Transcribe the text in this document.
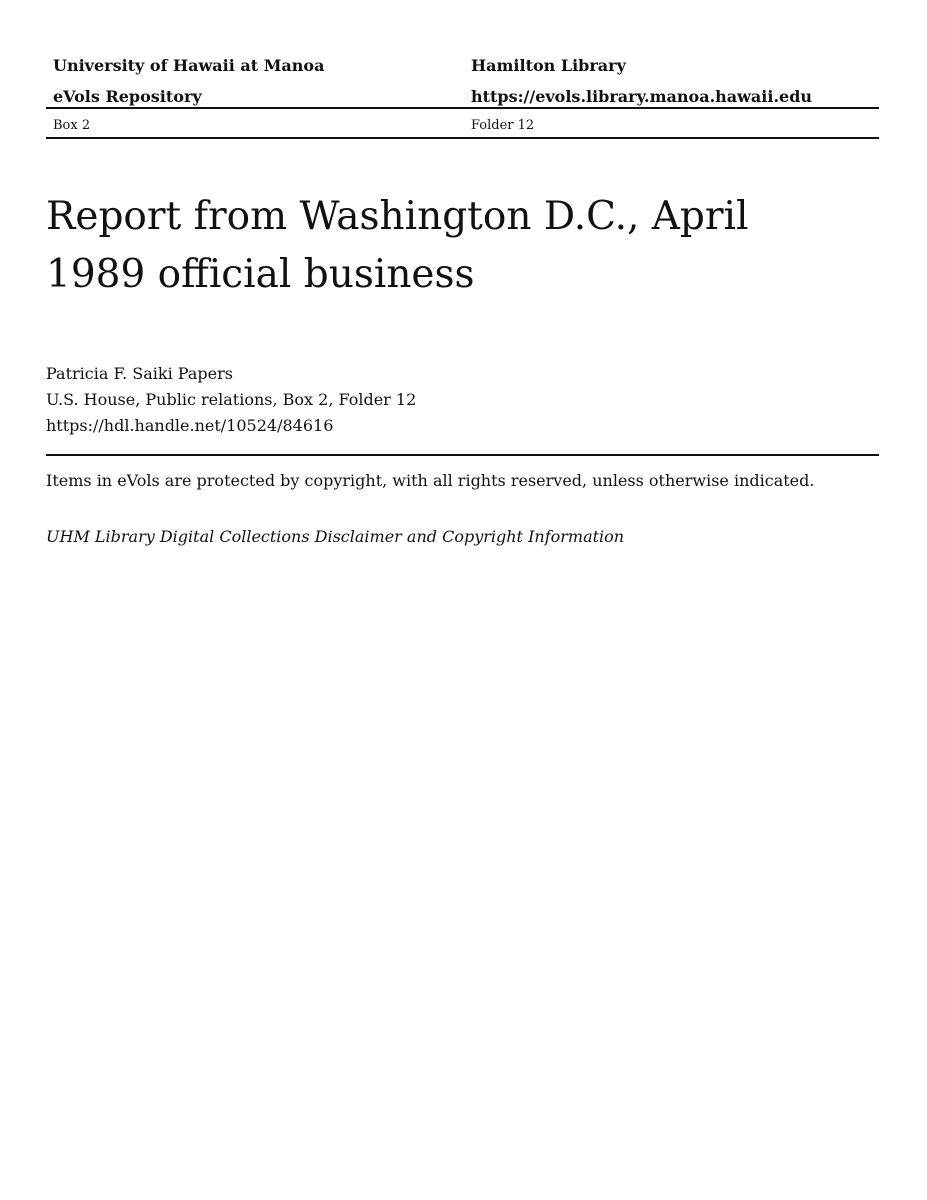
University of Hawaii at Manoa	Hamilton Library
eVols Repository	https://evols.library.manoa.hawaii.edu
Box 2	Folder 12
Report from Washington D.C., April 1989 official business
Patricia F. Saiki Papers
U.S. House, Public relations, Box 2, Folder 12
https://hdl.handle.net/10524/84616
Items in eVols are protected by copyright, with all rights reserved, unless otherwise indicated.
UHM Library Digital Collections Disclaimer and Copyright Information
